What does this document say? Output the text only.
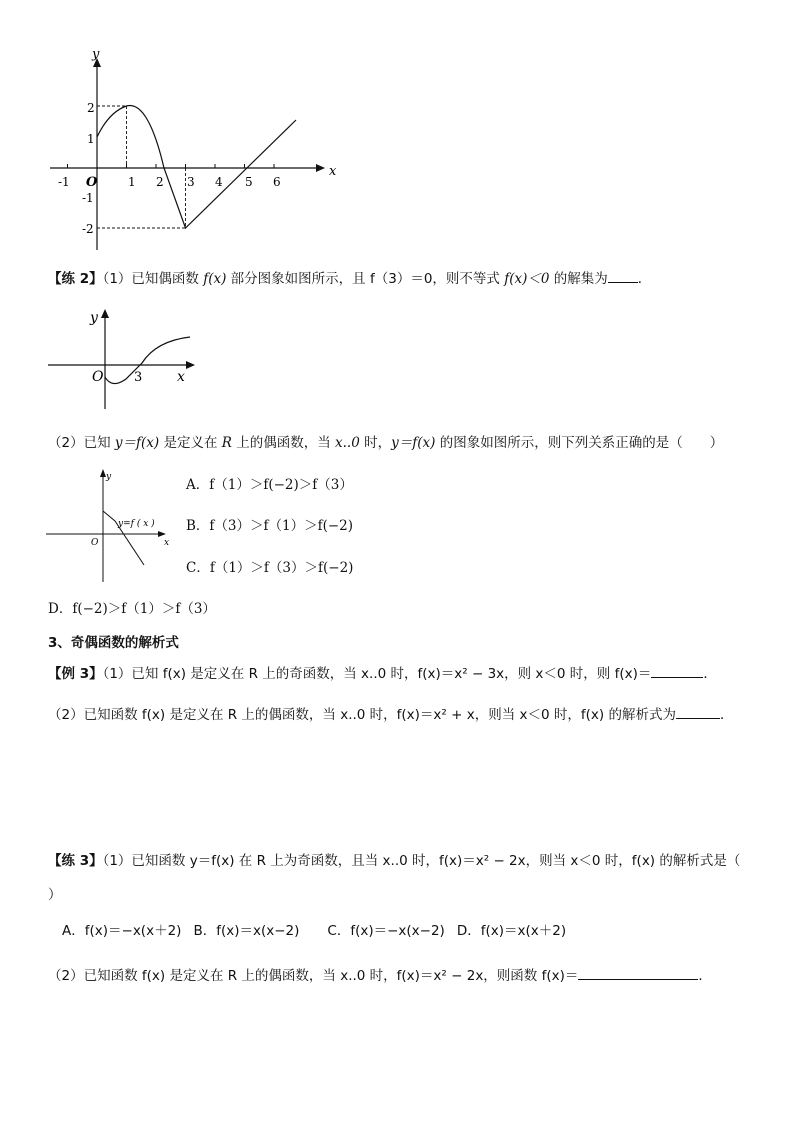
y
x
O
-1	1 2 3 4 5 6
2
1
-1
-2
【练 2】（1）已知偶函数 f(x) 部分图象如图所示，且 f（3）＝0，则不等式 f(x)＜0 的解集为 ．
y
O 3 x
（2）已知 y＝f(x) 是定义在 R 上的偶函数，当 x..0 时，y＝f(x) 的图象如图所示，则下列关系正确的是（　　）
y
y=f ( x )
O	x
A．f（1）＞f(−2)＞f（3）
B．f（3）＞f（1）＞f(−2)
C．f（1）＞f（3）＞f(−2)
D．f(−2)＞f（1）＞f（3）
3、奇偶函数的解析式
【例 3】（1）已知 f(x) 是定义在 R 上的奇函数，当 x..0 时，f(x)＝x² − 3x，则 x＜0 时，则 f(x)＝	．
（2）已知函数 f(x) 是定义在 R 上的偶函数，当 x..0 时，f(x)＝x² + x，则当 x＜0 时，f(x) 的解析式为	．
【练 3】（1）已知函数 y＝f(x) 在 R 上为奇函数，且当 x..0 时，f(x)＝x² − 2x，则当 x＜0 时，f(x) 的解析式是（
）
A．f(x)＝−x(x＋2) B．f(x)＝x(x−2) C．f(x)＝−x(x−2) D．f(x)＝x(x＋2)
（2）已知函数 f(x) 是定义在 R 上的偶函数，当 x..0 时，f(x)＝x² − 2x，则函数 f(x)＝	．
